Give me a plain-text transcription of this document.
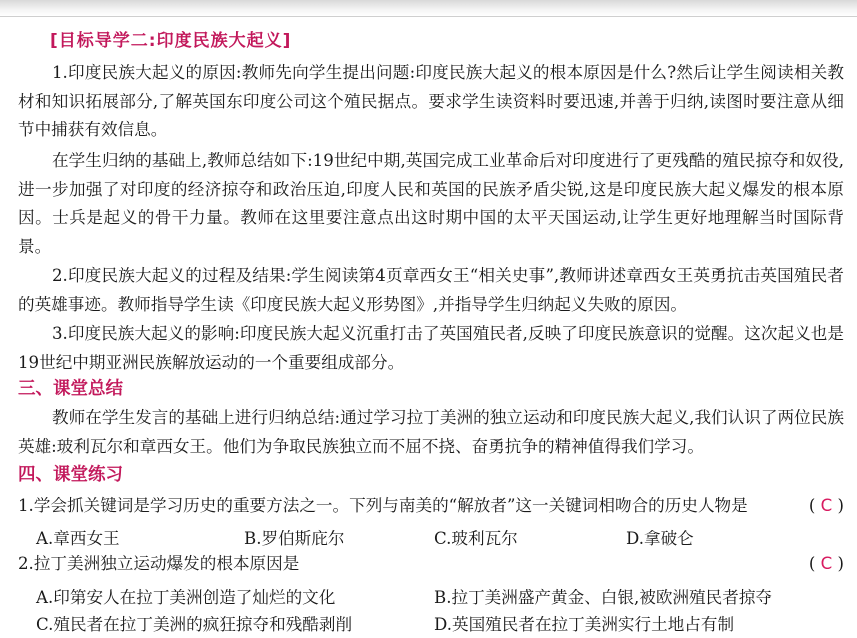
[目标导学二:印度民族大起义]
1.印度民族大起义的原因:教师先向学生提出问题:印度民族大起义的根本原因是什么?然后让学生阅读相关教材和知识拓展部分,了解英国东印度公司这个殖民据点。要求学生读资料时要迅速,并善于归纳,读图时要注意从细节中捕获有效信息。
在学生归纳的基础上,教师总结如下:19世纪中期,英国完成工业革命后对印度进行了更残酷的殖民掠夺和奴役,进一步加强了对印度的经济掠夺和政治压迫,印度人民和英国的民族矛盾尖锐,这是印度民族大起义爆发的根本原因。士兵是起义的骨干力量。教师在这里要注意点出这时期中国的太平天国运动,让学生更好地理解当时国际背景。
2.印度民族大起义的过程及结果:学生阅读第4页章西女王“相关史事”,教师讲述章西女王英勇抗击英国殖民者的英雄事迹。教师指导学生读《印度民族大起义形势图》,并指导学生归纳起义失败的原因。
3.印度民族大起义的影响:印度民族大起义沉重打击了英国殖民者,反映了印度民族意识的觉醒。这次起义也是19世纪中期亚洲民族解放运动的一个重要组成部分。
三、课堂总结
教师在学生发言的基础上进行归纳总结:通过学习拉丁美洲的独立运动和印度民族大起义,我们认识了两位民族英雄:玻利瓦尔和章西女王。他们为争取民族独立而不屈不挠、奋勇抗争的精神值得我们学习。
四、课堂练习
1.学会抓关键词是学习历史的重要方法之一。下列与南美的“解放者”这一关键词相吻合的历史人物是	( C )
A.章西女王	B.罗伯斯庇尔	C.玻利瓦尔	D.拿破仑
2.拉丁美洲独立运动爆发的根本原因是	( C )
A.印第安人在拉丁美洲创造了灿烂的文化	B.拉丁美洲盛产黄金、白银,被欧洲殖民者掠夺
C.殖民者在拉丁美洲的疯狂掠夺和残酷剥削	D.英国殖民者在拉丁美洲实行土地占有制
